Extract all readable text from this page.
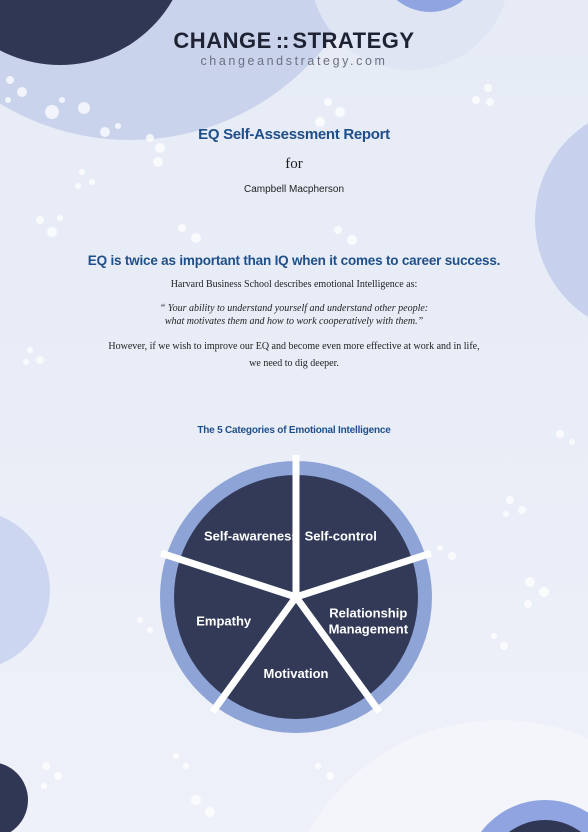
CHANGE :: STRATEGY
changeandstrategy.com
EQ Self-Assessment Report
for
Campbell Macpherson
EQ is twice as important than IQ when it comes to career success.
Harvard Business School describes emotional Intelligence as:
“ Your ability to understand yourself and understand other people:
what motivates them and how to work cooperatively with them.”
However, if we wish to improve our EQ and become even more effective at work and in life,
we need to dig deeper.
The 5 Categories of Emotional Intelligence
Self-control
Relationship Management
Motivation
Empathy
Self-awareness
